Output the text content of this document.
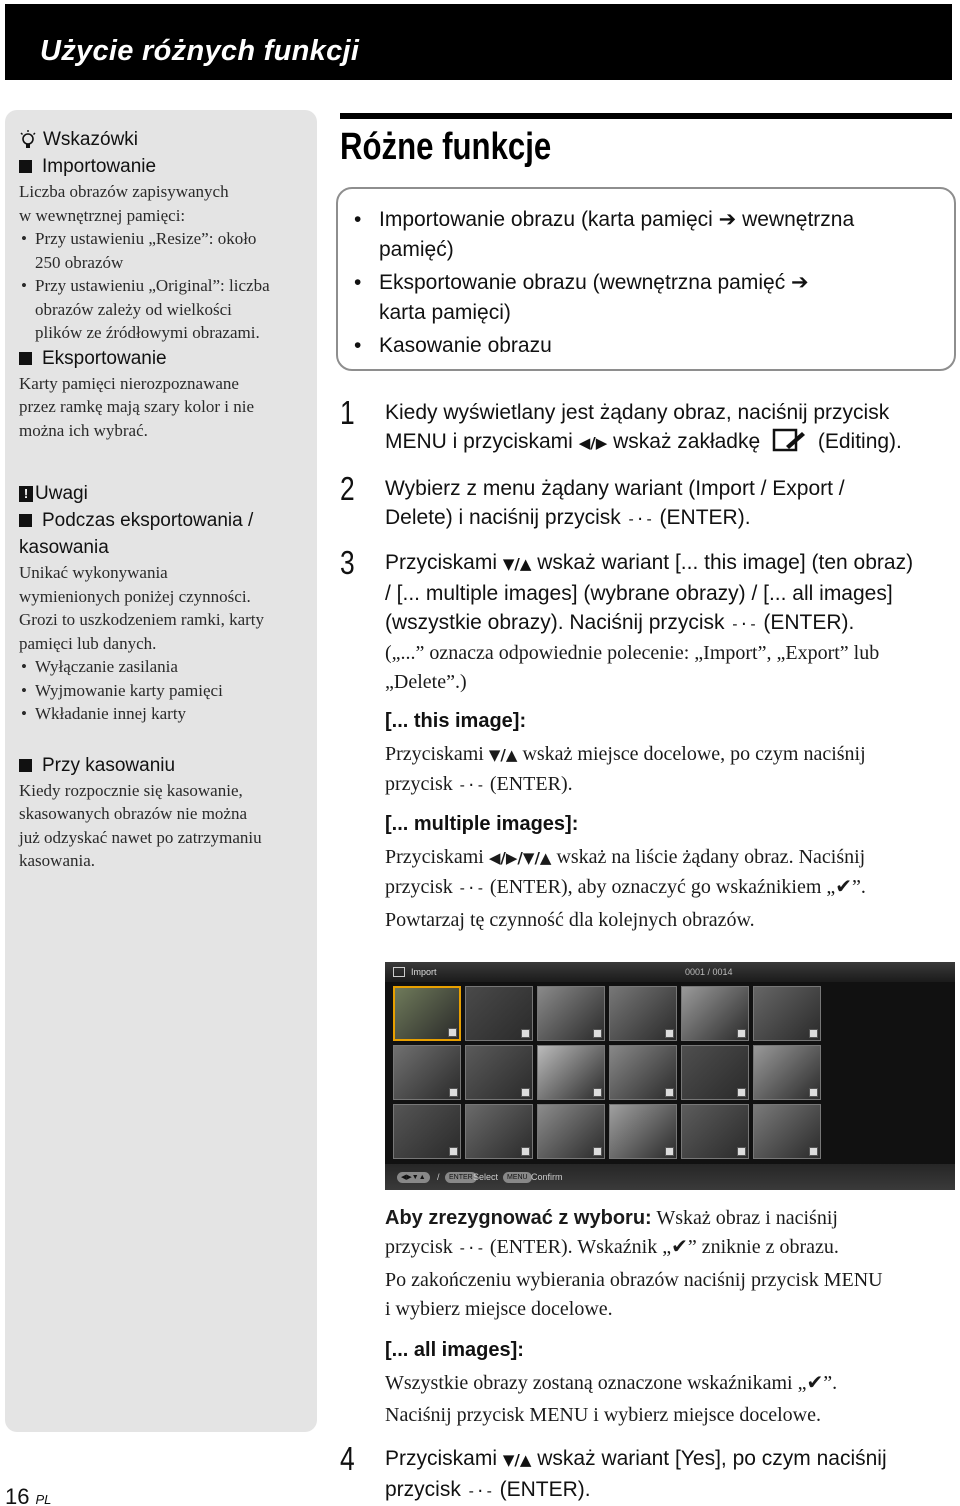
Użycie różnych funkcji
Wskazówki
Importowanie
Liczba obrazów zapisywanych
w wewnętrznej pamięci:
• Przy ustawieniu „Resize”: około
250 obrazów
• Przy ustawieniu „Original”: liczba
obrazów zależy od wielkości
plików ze źródłowymi obrazami.
Eksportowanie
Karty pamięci nierozpoznawane
przez ramkę mają szary kolor i nie
można ich wybrać.
! Uwagi
Podczas eksportowania /
kasowania
Unikać wykonywania
wymienionych poniżej czynności.
Grozi to uszkodzeniem ramki, karty
pamięci lub danych.
• Wyłączanie zasilania
• Wyjmowanie karty pamięci
• Wkładanie innej karty
Przy kasowaniu
Kiedy rozpocznie się kasowanie,
skasowanych obrazów nie można
już odzyskać nawet po zatrzymaniu
kasowania.
Różne funkcje
• Importowanie obrazu (karta pamięci ➔ wewnętrzna
pamięć)
• Eksportowanie obrazu (wewnętrzna pamięć ➔
karta pamięci)
• Kasowanie obrazu
1	Kiedy wyświetlany jest żądany obraz, naciśnij przycisk
MENU i przyciskami ◀/▶ wskaż zakładkę	(Editing).
2	Wybierz z menu żądany wariant (Import / Export /
Delete) i naciśnij przycisk -·- (ENTER).
3	Przyciskami ▼/▲ wskaż wariant [... this image] (ten obraz)
/ [... multiple images] (wybrane obrazy) / [... all images]
(wszystkie obrazy). Naciśnij przycisk -·- (ENTER).
(„...” oznacza odpowiednie polecenie: „Import”, „Export” lub
„Delete”.)
[... this image]:
Przyciskami ▼/▲ wskaż miejsce docelowe, po czym naciśnij
przycisk -·- (ENTER).
[... multiple images]:
Przyciskami ◀/▶/▼/▲ wskaż na liście żądany obraz. Naciśnij
przycisk -·- (ENTER), aby oznaczyć go wskaźnikiem „✔”.
Powtarzaj tę czynność dla kolejnych obrazów.
Import	0001 / 0014
◀▶▼▲	/	ENTER Select	MENU Confirm
Aby zrezygnować z wyboru: Wskaż obraz i naciśnij
przycisk -·- (ENTER). Wskaźnik „✔” zniknie z obrazu.
Po zakończeniu wybierania obrazów naciśnij przycisk MENU
i wybierz miejsce docelowe.
[... all images]:
Wszystkie obrazy zostaną oznaczone wskaźnikami „✔”.
Naciśnij przycisk MENU i wybierz miejsce docelowe.
4	Przyciskami ▼/▲ wskaż wariant [Yes], po czym naciśnij
przycisk -·- (ENTER).
16 PL
